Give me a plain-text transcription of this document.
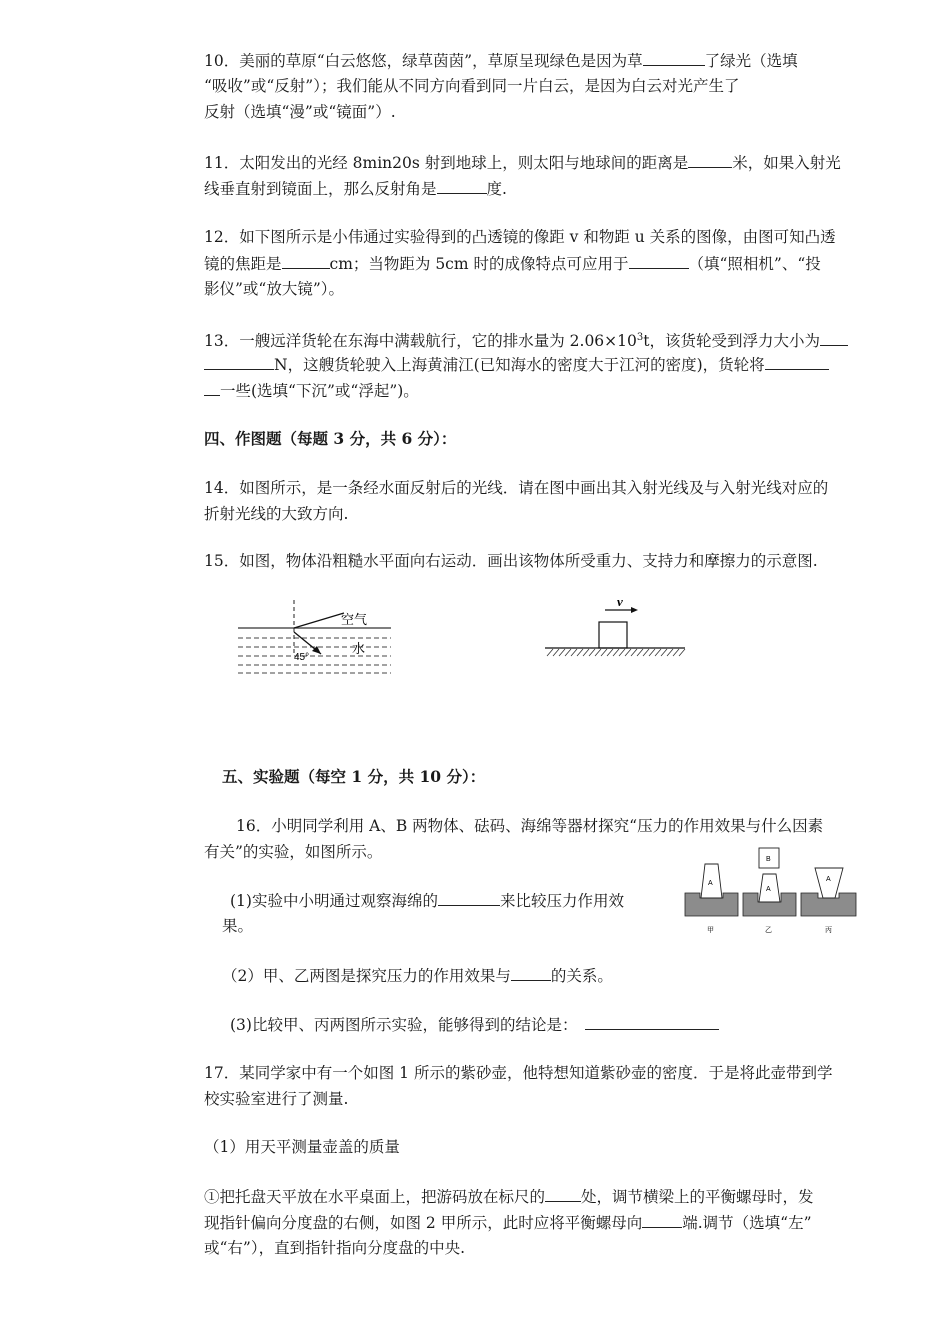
10．美丽的草原“白云悠悠，绿草茵茵”，草原呈现绿色是因为草	了绿光（选填
“吸收”或“反射”）；我们能从不同方向看到同一片白云，是因为白云对光产生了
反射（选填“漫”或“镜面”）.
11．太阳发出的光经 8min20s 射到地球上，则太阳与地球间的距离是	米，如果入射光
线垂直射到镜面上，那么反射角是	度.
12．如下图所示是小伟通过实验得到的凸透镜的像距 v 和物距 u 关系的图像，由图可知凸透
镜的焦距是	cm；当物距为 5cm 时的成像特点可应用于	（填“照相机”、“投
影仪”或“放大镜”）。
13．一艘远洋货轮在东海中满载航行，它的排水量为 $2.06\times 10^3t$，该货轮受到浮力大小为
N，这艘货轮驶入上海黄浦江(已知海水的密度大于江河的密度)，货轮将
一些(选填“下沉”或“浮起”)。
四、作图题（每题 3 分，共 6 分）：
14．如图所示，是一条经水面反射后的光线．请在图中画出其入射光线及与入射光线对应的
折射光线的大致方向.
15．如图，物体沿粗糙水平面向右运动．画出该物体所受重力、支持力和摩擦力的示意图.
空气
水
45°
v
五、实验题（每空 1 分，共 10 分）：
16．小明同学利用 A、B 两物体、砝码、海绵等器材探究“压力的作用效果与什么因素
有关”的实验，如图所示。
(1)实验中小明通过观察海绵的	来比较压力作用效
果。
（2）甲、乙两图是探究压力的作用效果与	的关系。
(3)比较甲、丙两图所示实验，能够得到的结论是：
A
甲
B
A
乙
A
丙
17．某同学家中有一个如图 1 所示的紫砂壶，他特想知道紫砂壶的密度．于是将此壶带到学
校实验室进行了测量.
（1）用天平测量壶盖的质量
①把托盘天平放在水平桌面上，把游码放在标尺的 处，调节横梁上的平衡螺母时，发
现指针偏向分度盘的右侧，如图 2 甲所示，此时应将平衡螺母向	端.调节（选填“左”
或“右”），直到指针指向分度盘的中央.
